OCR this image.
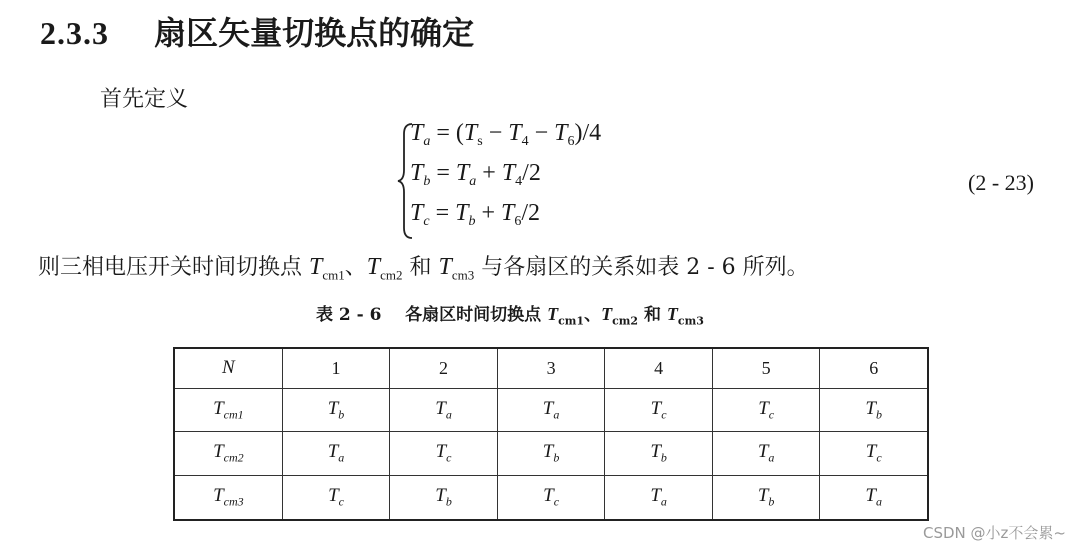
2.3.3 扇区矢量切换点的确定
首先定义
$T_a = (T_s - T_4 - T_6)/4$
$T_b = T_a + T_4/2$
$T_c = T_b + T_6/2$
(2 - 23)
则三相电压开关时间切换点 $T_{cm1}$、$T_{cm2}$ 和 $T_{cm3}$ 与各扇区的关系如表 2 - 6 所列。
表 2 - 6 各扇区时间切换点 $T_{cm1}$、$T_{cm2}$ 和 $T_{cm3}$
N	1	2	3	4	5	6
$T_{cm1}$	$T_b$	$T_a$	$T_a$	$T_c$	$T_c$	$T_b$
$T_{cm2}$	$T_a$	$T_c$	$T_b$	$T_b$	$T_a$	$T_c$
$T_{cm3}$	$T_c$	$T_b$	$T_c$	$T_a$	$T_b$	$T_a$
CSDN @小z不会累~
